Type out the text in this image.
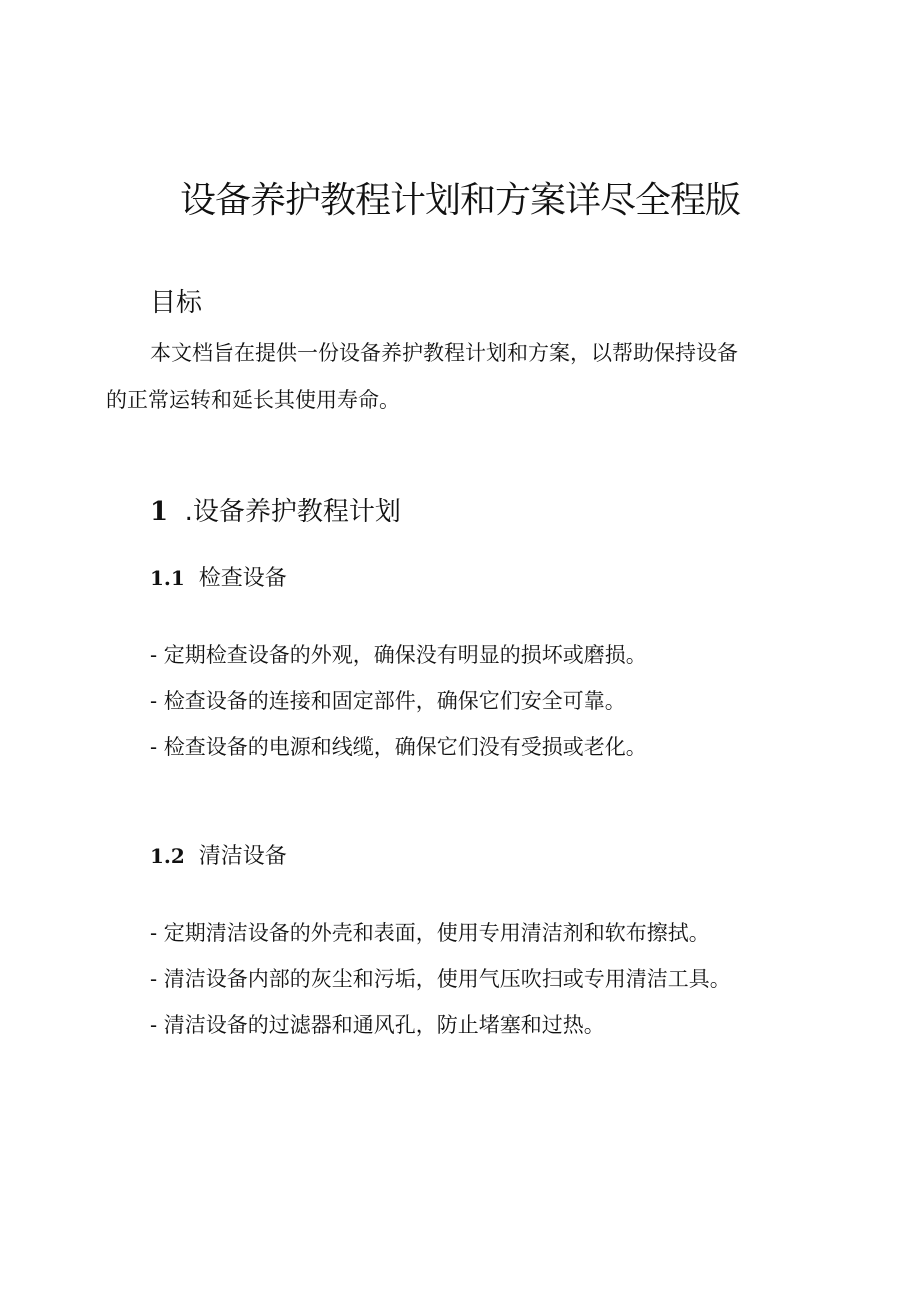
设备养护教程计划和方案详尽全程版
目标

本文档旨在提供一份设备养护教程计划和方案，以帮助保持设备

的正常运转和延长其使用寿命。

1 .设备养护教程计划
1.1 检查设备

- 定期检查设备的外观，确保没有明显的损坏或磨损。

- 检查设备的连接和固定部件，确保它们安全可靠。

- 检查设备的电源和线缆，确保它们没有受损或老化。

1.2 清洁设备

- 定期清洁设备的外壳和表面，使用专用清洁剂和软布擦拭。

- 清洁设备内部的灰尘和污垢，使用气压吹扫或专用清洁工具。

- 清洁设备的过滤器和通风孔，防止堵塞和过热。
